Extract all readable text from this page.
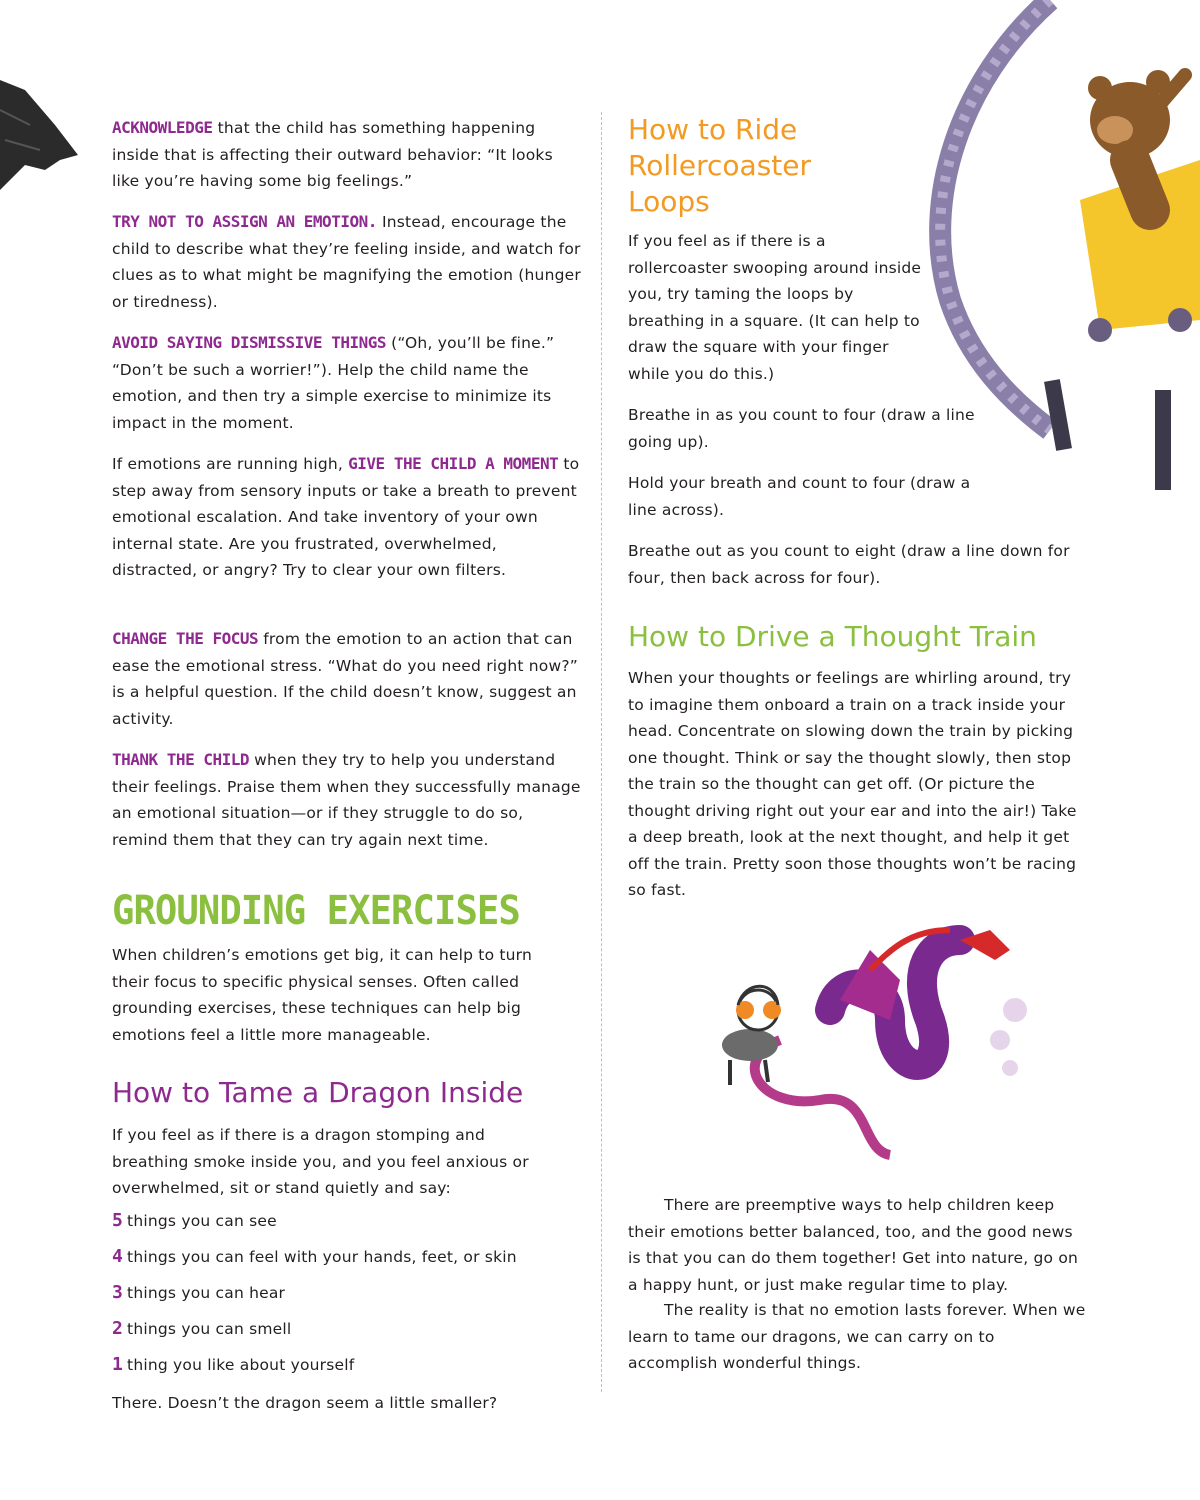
ACKNOWLEDGE that the child has something happening inside that is affecting their outward behavior: “It looks like you’re having some big feelings.”

TRY NOT TO ASSIGN AN EMOTION. Instead, encourage the child to describe what they’re feeling inside, and watch for clues as to what might be magnifying the emotion (hunger or tiredness).

AVOID SAYING DISMISSIVE THINGS (“Oh, you’ll be fine.” “Don’t be such a worrier!”). Help the child name the emotion, and then try a simple exercise to minimize its impact in the moment.

If emotions are running high, GIVE THE CHILD A MOMENT to step away from sensory inputs or take a breath to prevent emotional escalation. And take inventory of your own internal state. Are you frustrated, overwhelmed, distracted, or angry? Try to clear your own filters.

CHANGE THE FOCUS from the emotion to an action that can ease the emotional stress. “What do you need right now?” is a helpful question. If the child doesn’t know, suggest an activity.

THANK THE CHILD when they try to help you understand their feelings. Praise them when they successfully manage an emotional situation—or if they struggle to do so, remind them that they can try again next time.

GROUNDING EXERCISES

When children’s emotions get big, it can help to turn their focus to specific physical senses. Often called grounding exercises, these techniques can help big emotions feel a little more manageable.

How to Tame a Dragon Inside

If you feel as if there is a dragon stomping and breathing smoke inside you, and you feel anxious or overwhelmed, sit or stand quietly and say:

5 things you can see

4 things you can feel with your hands, feet, or skin

3 things you can hear

2 things you can smell

1 thing you like about yourself

There. Doesn’t the dragon seem a little smaller?

How to Ride Rollercoaster Loops

If you feel as if there is a rollercoaster swooping around inside you, try taming the loops by breathing in a square. (It can help to draw the square with your finger while you do this.)

Breathe in as you count to four (draw a line going up).

Hold your breath and count to four (draw a line across).

Breathe out as you count to eight (draw a line down for four, then back across for four).

How to Drive a Thought Train

When your thoughts or feelings are whirling around, try to imagine them onboard a train on a track inside your head. Concentrate on slowing down the train by picking one thought. Think or say the thought slowly, then stop the train so the thought can get off. (Or picture the thought driving right out your ear and into the air!) Take a deep breath, look at the next thought, and help it get off the train. Pretty soon those thoughts won’t be racing so fast.

There are preemptive ways to help children keep their emotions better balanced, too, and the good news is that you can do them together! Get into nature, go on a happy hunt, or just make regular time to play.

The reality is that no emotion lasts forever. When we learn to tame our dragons, we can carry on to accomplish wonderful things.
